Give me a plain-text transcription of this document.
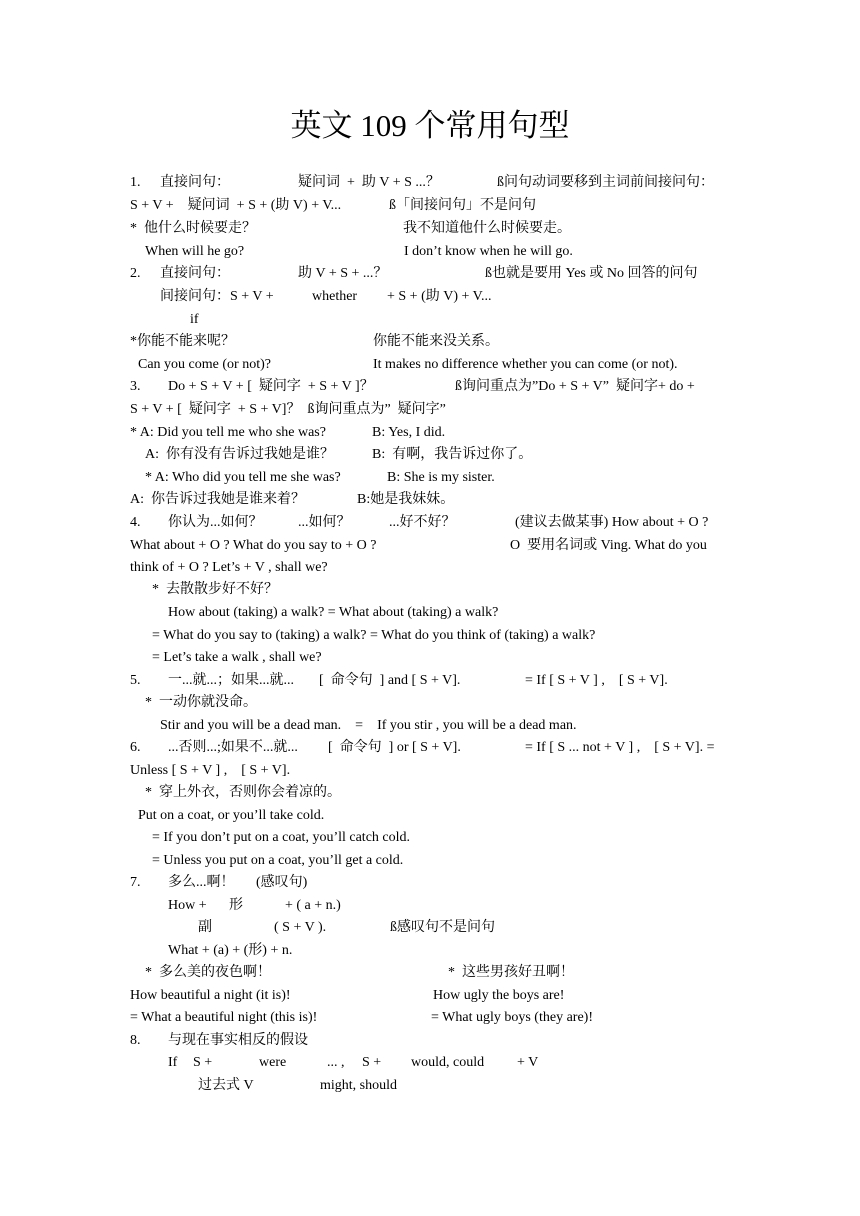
英文 109 个常用句型
1. 直接问句：	疑问词  +  助 V + S ...？	ß问句动词要移到主词前间接问句：
S + V +    疑问词  + S + (助 V) + V...	ß「间接问句」不是问句
*  他什么时候要走？	我不知道他什么时候要走。
When will he go?	I don’t know when he will go.
2. 直接问句：	助 V + S + ...？	ß也就是要用 Yes 或 No 回答的问句
间接问句：S + V +	whether + S + (助 V) + V...
if
*你能不能来呢？	你能不能来没关系。
Can you come (or not)?	It makes no difference whether you can come (or not).
3. Do + S + V + [  疑问字  + S + V ]？	ß询问重点为”Do + S + V”  疑问字+ do +
S + V + [  疑问字  + S + V]？  ß询问重点为”  疑问字”
* A: Did you tell me who she was?	B: Yes, I did.
A:  你有没有告诉过我她是谁？	B:  有啊，我告诉过你了。
* A: Who did you tell me she was?	B: She is my sister.
A:  你告诉过我她是谁来着？	B:她是我妹妹。
4. 你认为...如何？	...如何？	...好不好？	(建议去做某事) How about + O ?
What about + O ? What do you say to + O ?	O  要用名词或 Ving. What do you
think of + O ? Let’s + V , shall we?
*  去散散步好不好？
How about (taking) a walk? = What about (taking) a walk?
= What do you say to (taking) a walk? = What do you think of (taking) a walk?
= Let’s take a walk , shall we?
5. 一...就...；如果...就... [  命令句  ] and [ S + V].	= If [ S + V ] ,    [ S + V].
*  一动你就没命。
Stir and you will be a dead man.    =    If you stir , you will be a dead man.
6. ...否则...;如果不...就... [  命令句  ] or [ S + V].	= If [ S ... not + V ] ,    [ S + V]. =
Unless [ S + V ] ,    [ S + V].
*  穿上外衣，否则你会着凉的。
Put on a coat, or you’ll take cold.
= If you don’t put on a coat, you’ll catch cold.
= Unless you put on a coat, you’ll get a cold.
7. 多么...啊！ (感叹句)
How + 形	+ ( a + n.)
副	( S + V ).	ß感叹句不是问句
What + (a) + (形) + n.
*  多么美的夜色啊！	*  这些男孩好丑啊！
How beautiful a night (it is)!	How ugly the boys are!
= What a beautiful night (this is)!	= What ugly boys (they are)!
8. 与现在事实相反的假设
If S +	were	... , S + would, could + V
过去式 V	might, should
